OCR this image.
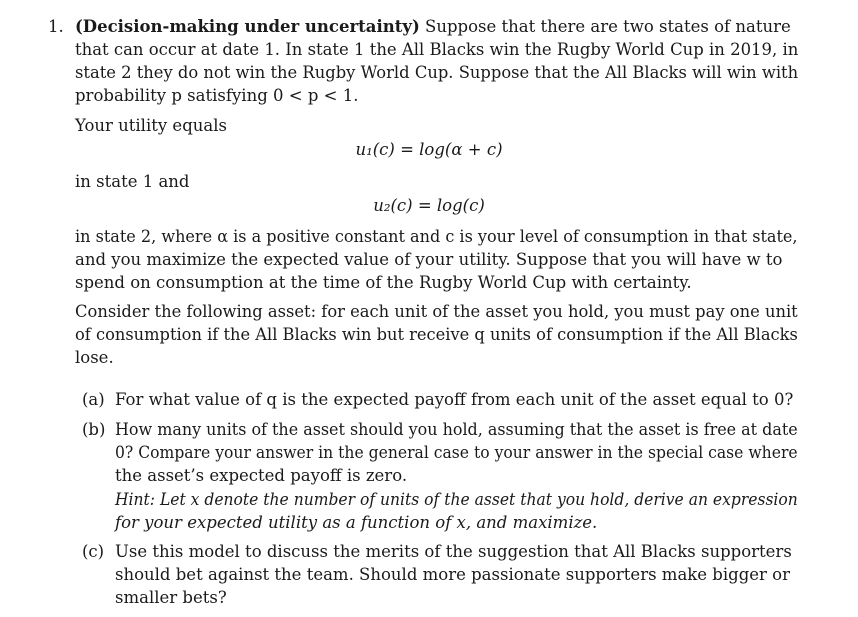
1. (Decision-making under uncertainty) Suppose that there are two states of nature
that can occur at date 1. In state 1 the All Blacks win the Rugby World Cup in 2019, in
state 2 they do not win the Rugby World Cup. Suppose that the All Blacks will win with
probability p satisfying 0 < p < 1.
Your utility equals
u₁(c) = log(α + c)
in state 1 and
u₂(c) = log(c)
in state 2, where α is a positive constant and c is your level of consumption in that state,
and you maximize the expected value of your utility. Suppose that you will have w to
spend on consumption at the time of the Rugby World Cup with certainty.
Consider the following asset: for each unit of the asset you hold, you must pay one unit
of consumption if the All Blacks win but receive q units of consumption if the All Blacks
lose.
(a) For what value of q is the expected payoff from each unit of the asset equal to 0?
(b) How many units of the asset should you hold, assuming that the asset is free at date
0? Compare your answer in the general case to your answer in the special case where
the asset’s expected payoff is zero.
Hint: Let x denote the number of units of the asset that you hold, derive an expression
for your expected utility as a function of x, and maximize.
(c) Use this model to discuss the merits of the suggestion that All Blacks supporters
should bet against the team. Should more passionate supporters make bigger or
smaller bets?
